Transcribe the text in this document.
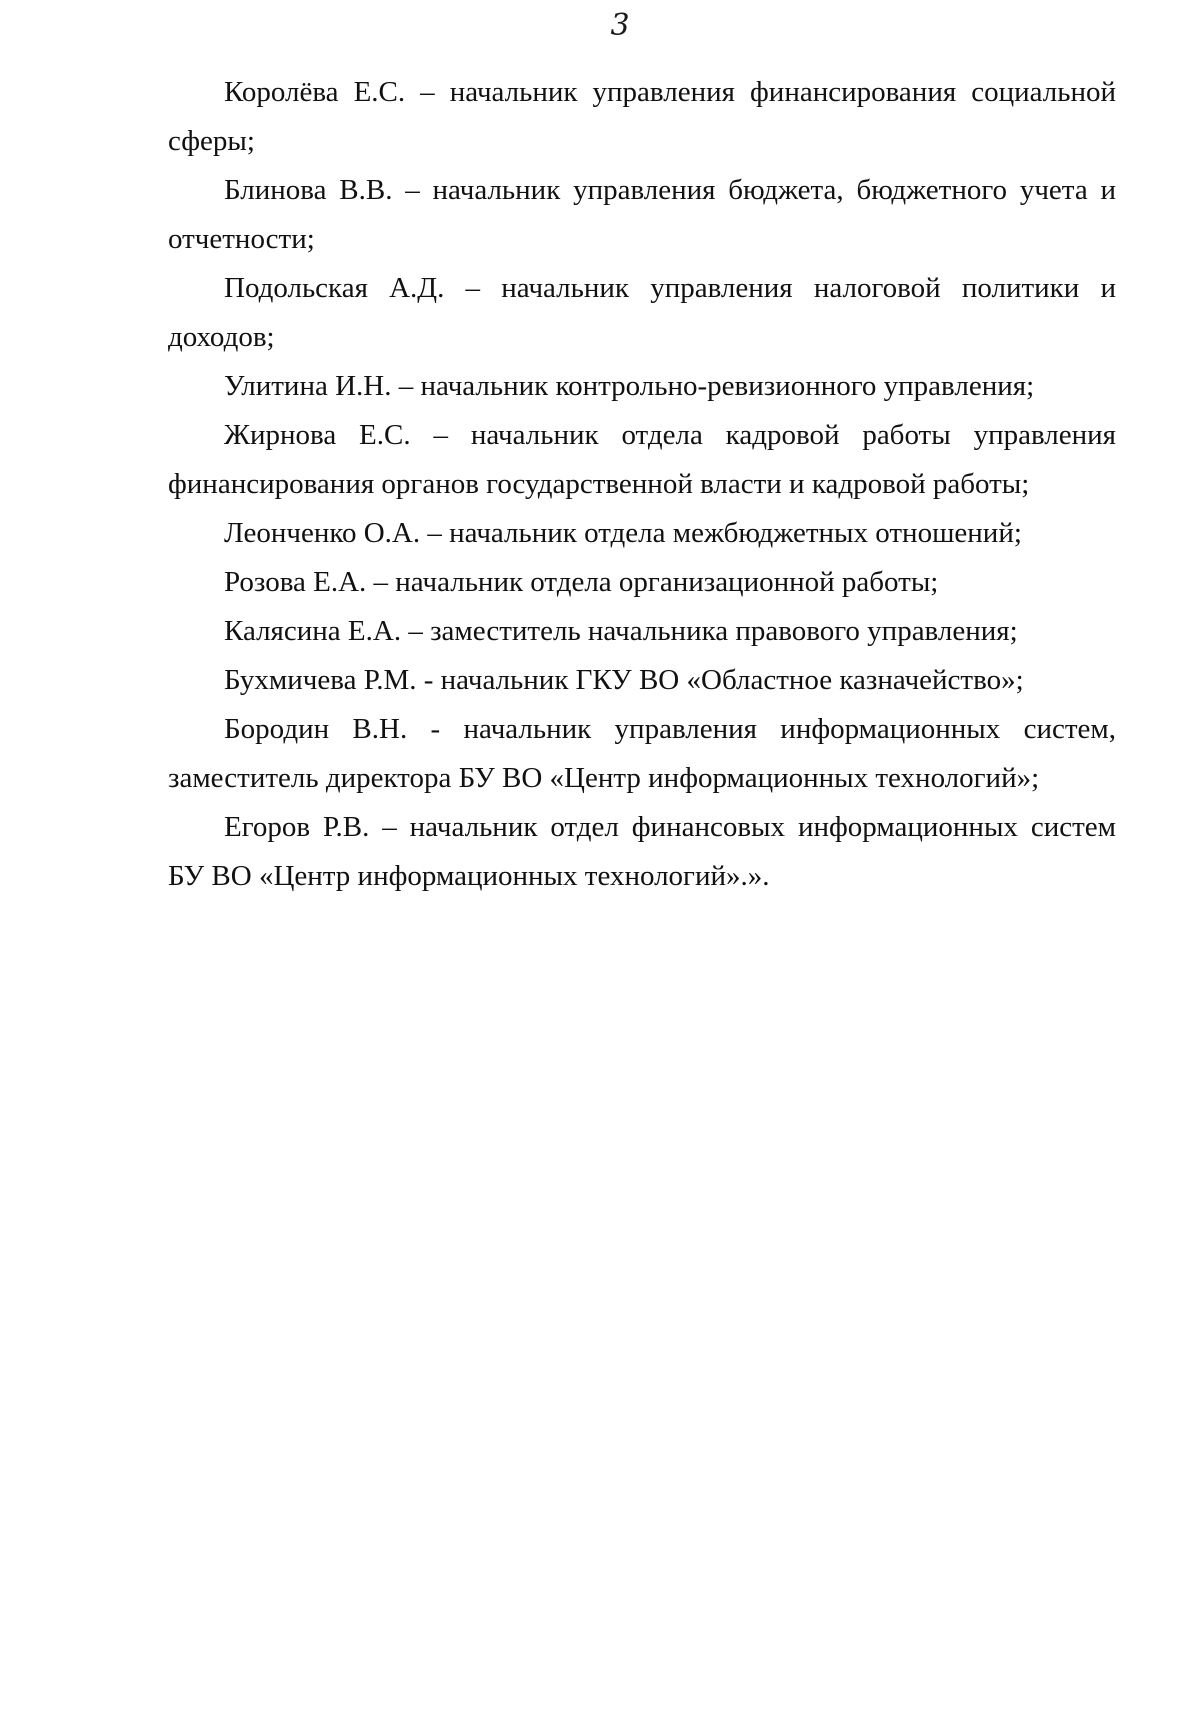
3

Королёва Е.С. – начальник управления финансирования социальной сферы;

Блинова В.В. – начальник управления бюджета, бюджетного учета и отчетности;

Подольская А.Д. – начальник управления налоговой политики и доходов;

Улитина И.Н. – начальник контрольно-ревизионного управления;

Жирнова Е.С. – начальник отдела кадровой работы управления финансирования органов государственной власти и кадровой работы;

Леонченко О.А. – начальник отдела межбюджетных отношений;

Розова Е.А. – начальник отдела организационной работы;

Калясина Е.А. – заместитель начальника правового управления;

Бухмичева Р.М. - начальник ГКУ ВО «Областное казначейство»;

Бородин В.Н. - начальник управления информационных систем, заместитель директора БУ ВО «Центр информационных технологий»;

Егоров Р.В. – начальник отдел финансовых информационных систем БУ ВО «Центр информационных технологий».».
